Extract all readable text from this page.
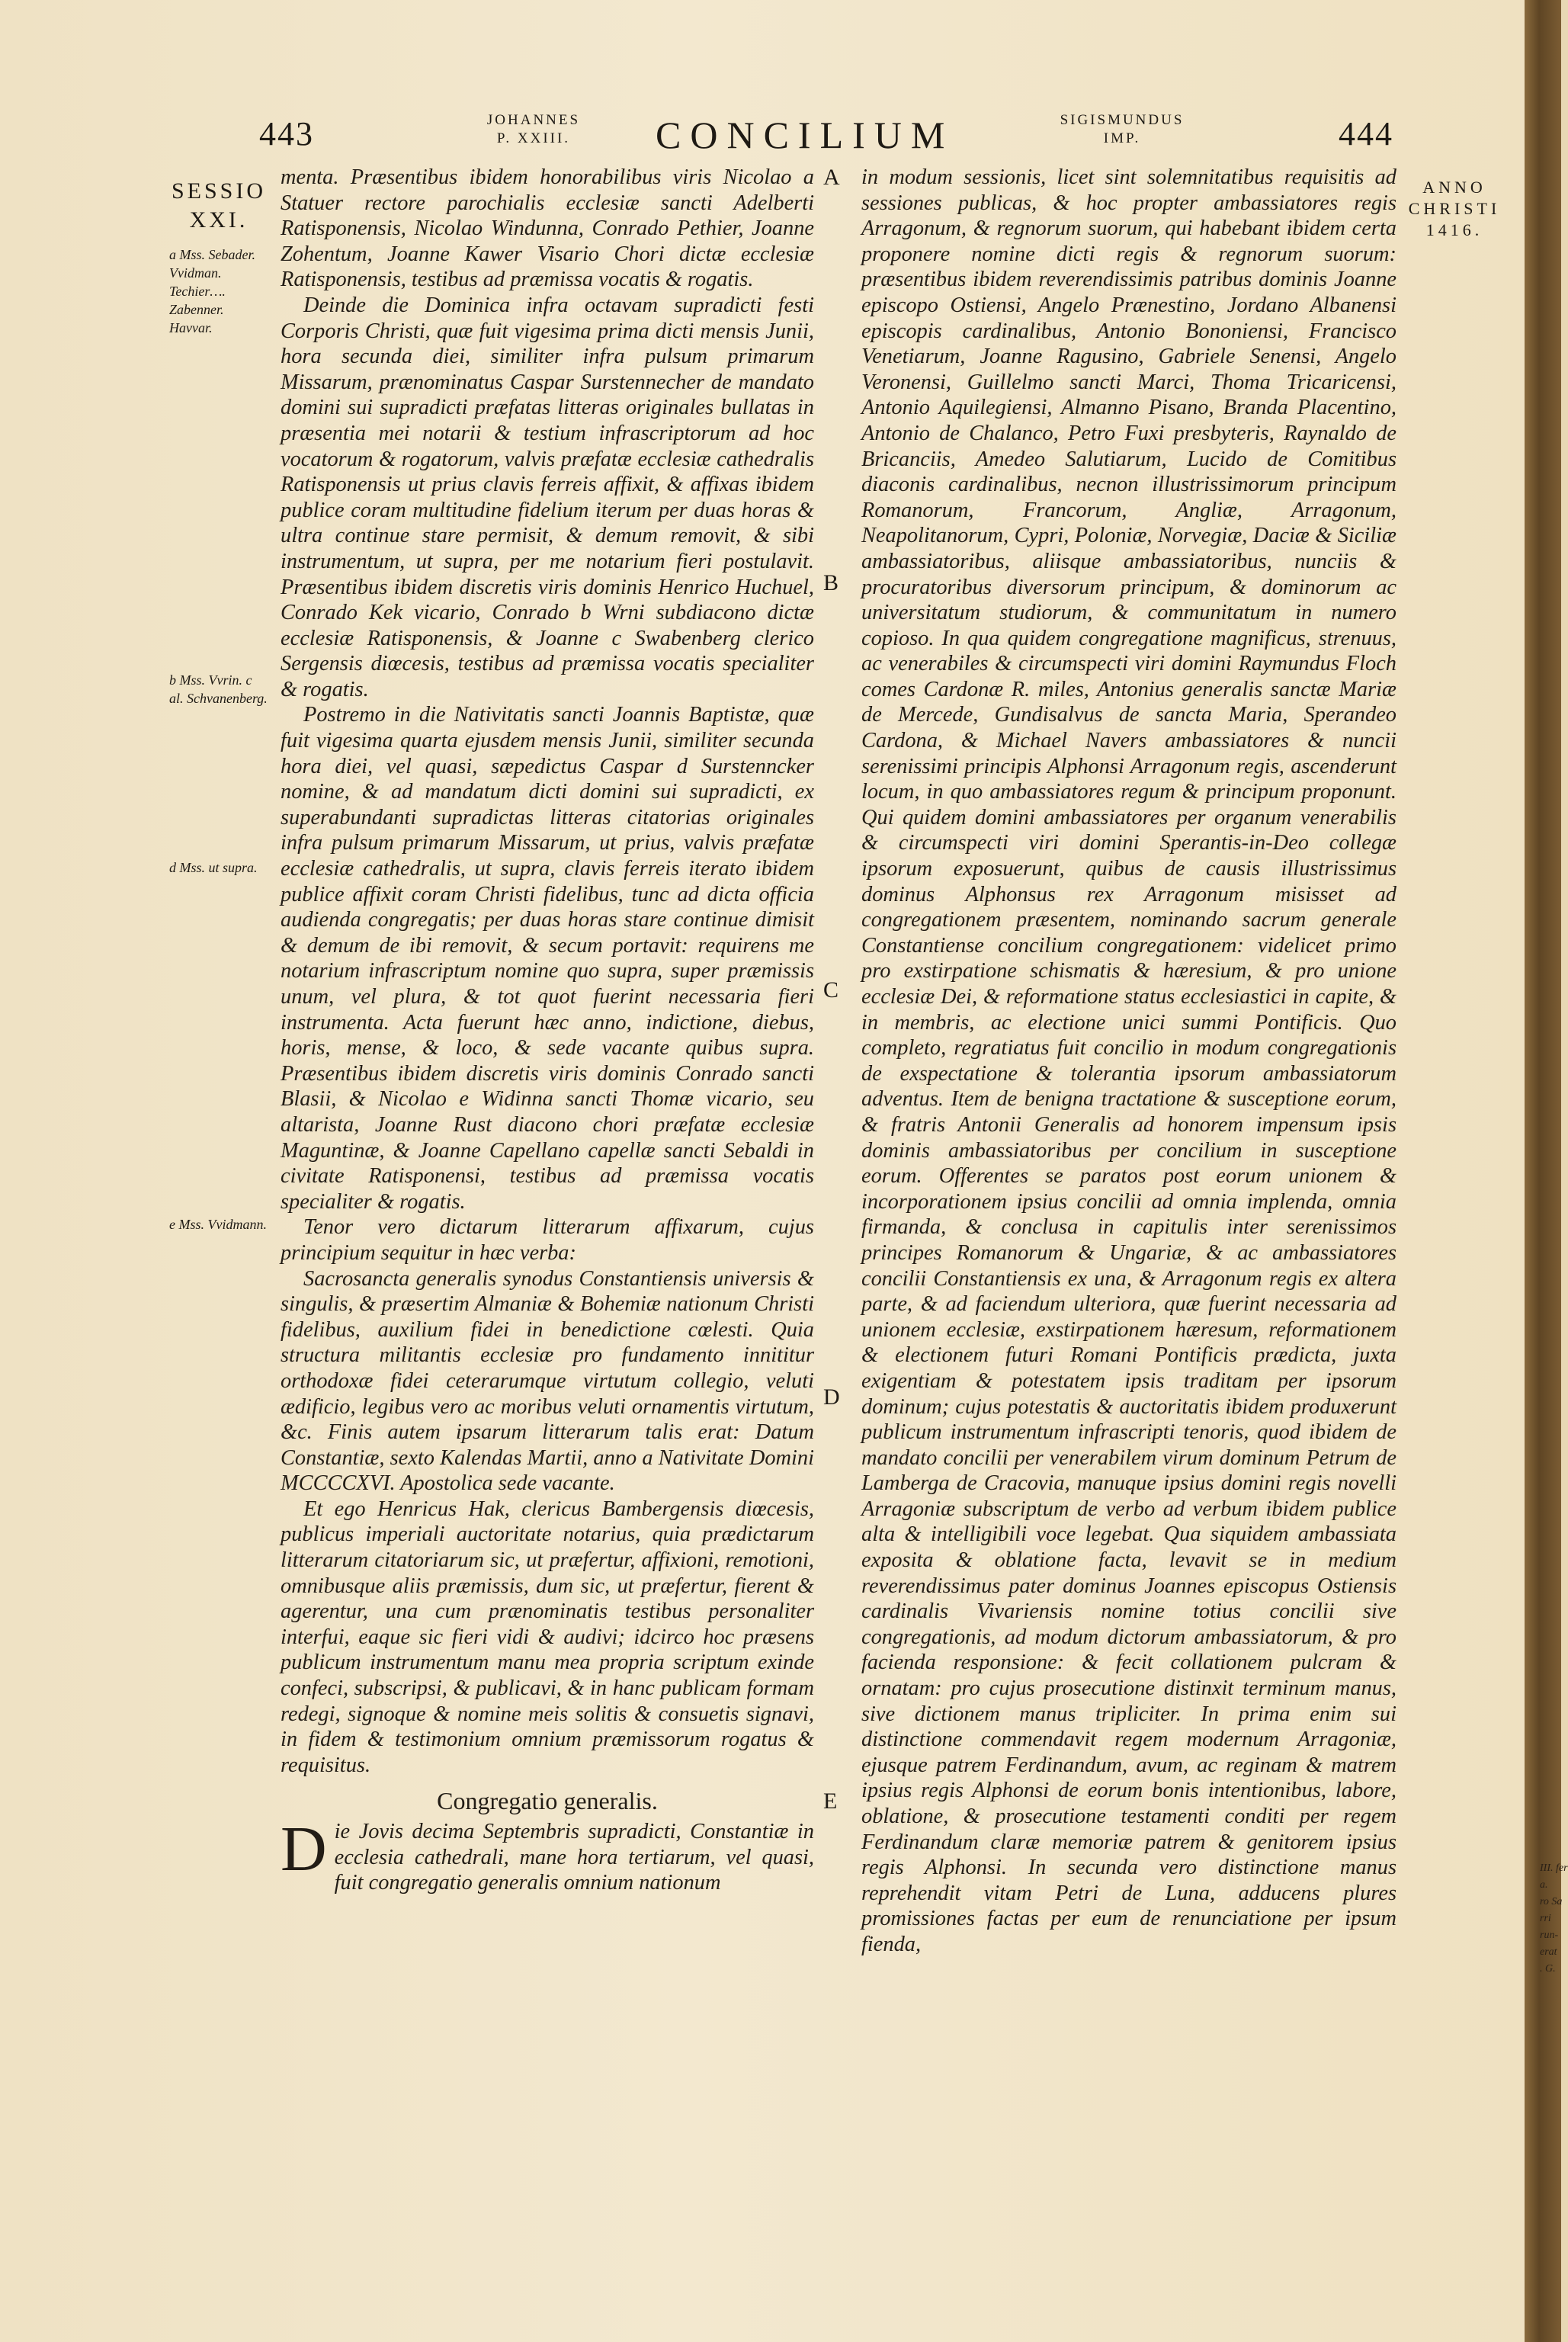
III. fer
a.
ro Sa
rri
run-
erat
. G.
443	JOHANNES
P. XXIII.	CONCILIUM	SIGISMUNDUS
IMP.	444
SESSIO
XXI.
a Mss. Sebader. Vvidman. Techier…. Zabenner. Havvar.
b Mss. Vvrin. c al. Schvanenberg.
d Mss. ut supra.
e Mss. Vvidmann.
ANNO
CHRISTI
1416.
A
B
C
D
E

menta. Præsentibus ibidem honorabilibus viris Nicolao a Statuer rectore parochialis ecclesiæ sancti Adelberti Ratisponensis, Nicolao Windunna, Conrado Pethier, Joanne Zohentum, Joanne Kawer Visario Chori dictæ ecclesiæ Ratisponensis, testibus ad præmissa vocatis & rogatis.

Deinde die Dominica infra octavam supradicti festi Corporis Christi, quæ fuit vigesima prima dicti mensis Junii, hora secunda diei, similiter infra pulsum primarum Missarum, prænominatus Caspar Surstennecher de mandato domini sui supradicti præfatas litteras originales bullatas in præsentia mei notarii & testium infrascriptorum ad hoc vocatorum & rogatorum, valvis præfatæ ecclesiæ cathedralis Ratisponensis ut prius clavis ferreis affixit, & affixas ibidem publice coram multitudine fidelium iterum per duas horas & ultra continue stare permisit, & demum removit, & sibi instrumentum, ut supra, per me notarium fieri postulavit. Præsentibus ibidem discretis viris dominis Henrico Huchuel, Conrado Kek vicario, Conrado b Wrni subdiacono dictæ ecclesiæ Ratisponensis, & Joanne c Swabenberg clerico Sergensis diœcesis, testibus ad præmissa vocatis specialiter & rogatis.

Postremo in die Nativitatis sancti Joannis Baptistæ, quæ fuit vigesima quarta ejusdem mensis Junii, similiter secunda hora diei, vel quasi, sæpedictus Caspar d Surstenncker nomine, & ad mandatum dicti domini sui supradicti, ex superabundanti supradictas litteras citatorias originales infra pulsum primarum Missarum, ut prius, valvis præfatæ ecclesiæ cathedralis, ut supra, clavis ferreis iterato ibidem publice affixit coram Christi fidelibus, tunc ad dicta officia audienda congregatis; per duas horas stare continue dimisit & demum de ibi removit, & secum portavit: requirens me notarium infrascriptum nomine quo supra, super præmissis unum, vel plura, & tot quot fuerint necessaria fieri instrumenta. Acta fuerunt hæc anno, indictione, diebus, horis, mense, & loco, & sede vacante quibus supra. Præsentibus ibidem discretis viris dominis Conrado sancti Blasii, & Nicolao e Widinna sancti Thomæ vicario, seu altarista, Joanne Rust diacono chori præfatæ ecclesiæ Maguntinæ, & Joanne Capellano capellæ sancti Sebaldi in civitate Ratisponensi, testibus ad præmissa vocatis specialiter & rogatis.

Tenor vero dictarum litterarum affixarum, cujus principium sequitur in hæc verba:

Sacrosancta generalis synodus Constantiensis universis & singulis, & præsertim Almaniæ & Bohemiæ nationum Christi fidelibus, auxilium fidei in benedictione cœlesti. Quia structura militantis ecclesiæ pro fundamento innititur orthodoxæ fidei ceterarumque virtutum collegio, veluti ædificio, legibus vero ac moribus veluti ornamentis virtutum, &c. Finis autem ipsarum litterarum talis erat: Datum Constantiæ, sexto Kalendas Martii, anno a Nativitate Domini MCCCCXVI. Apostolica sede vacante.

Et ego Henricus Hak, clericus Bambergensis diœcesis, publicus imperiali auctoritate notarius, quia prædictarum litterarum citatoriarum sic, ut præfertur, affixioni, remotioni, omnibusque aliis præmissis, dum sic, ut præfertur, fierent & agerentur, una cum prænominatis testibus personaliter interfui, eaque sic fieri vidi & audivi; idcirco hoc præsens publicum instrumentum manu mea propria scriptum exinde confeci, subscripsi, & publicavi, & in hanc publicam formam redegi, signoque & nomine meis solitis & consuetis signavi, in fidem & testimonium omnium præmissorum rogatus & requisitus.

Congregatio generalis.

Die Jovis decima Septembris supradicti, Constantiæ in ecclesia cathedrali, mane hora tertiarum, vel quasi, fuit congregatio generalis omnium nationum

in modum sessionis, licet sint solemnitatibus requisitis ad sessiones publicas, & hoc propter ambassiatores regis Arragonum, & regnorum suorum, qui habebant ibidem certa proponere nomine dicti regis & regnorum suorum: præsentibus ibidem reverendissimis patribus dominis Joanne episcopo Ostiensi, Angelo Prænestino, Jordano Albanensi episcopis cardinalibus, Antonio Bononiensi, Francisco Venetiarum, Joanne Ragusino, Gabriele Senensi, Angelo Veronensi, Guillelmo sancti Marci, Thoma Tricaricensi, Antonio Aquilegiensi, Almanno Pisano, Branda Placentino, Antonio de Chalanco, Petro Fuxi presbyteris, Raynaldo de Bricanciis, Amedeo Salutiarum, Lucido de Comitibus diaconis cardinalibus, necnon illustrissimorum principum Romanorum, Francorum, Angliæ, Arragonum, Neapolitanorum, Cypri, Poloniæ, Norvegiæ, Daciæ & Siciliæ ambassiatoribus, aliisque ambassiatoribus, nunciis & procuratoribus diversorum principum, & dominorum ac universitatum studiorum, & communitatum in numero copioso. In qua quidem congregatione magnificus, strenuus, ac venerabiles & circumspecti viri domini Raymundus Floch comes Cardonæ R. miles, Antonius generalis sanctæ Mariæ de Mercede, Gundisalvus de sancta Maria, Sperandeo Cardona, & Michael Navers ambassiatores & nuncii serenissimi principis Alphonsi Arragonum regis, ascenderunt locum, in quo ambassiatores regum & principum proponunt. Qui quidem domini ambassiatores per organum venerabilis & circumspecti viri domini Sperantis-in-Deo collegæ ipsorum exposuerunt, quibus de causis illustrissimus dominus Alphonsus rex Arragonum misisset ad congregationem præsentem, nominando sacrum generale Constantiense concilium congregationem: videlicet primo pro exstirpatione schismatis & hæresium, & pro unione ecclesiæ Dei, & reformatione status ecclesiastici in capite, & in membris, ac electione unici summi Pontificis. Quo completo, regratiatus fuit concilio in modum congregationis de exspectatione & tolerantia ipsorum ambassiatorum adventus. Item de benigna tractatione & susceptione eorum, & fratris Antonii Generalis ad honorem impensum ipsis dominis ambassiatoribus per concilium in susceptione eorum. Offerentes se paratos post eorum unionem & incorporationem ipsius concilii ad omnia implenda, omnia firmanda, & conclusa in capitulis inter serenissimos principes Romanorum & Ungariæ, & ac ambassiatores concilii Constantiensis ex una, & Arragonum regis ex altera parte, & ad faciendum ulteriora, quæ fuerint necessaria ad unionem ecclesiæ, exstirpationem hæresum, reformationem & electionem futuri Romani Pontificis prædicta, juxta exigentiam & potestatem ipsis traditam per ipsorum dominum; cujus potestatis & auctoritatis ibidem produxerunt publicum instrumentum infrascripti tenoris, quod ibidem de mandato concilii per venerabilem virum dominum Petrum de Lamberga de Cracovia, manuque ipsius domini regis novelli Arragoniæ subscriptum de verbo ad verbum ibidem publice alta & intelligibili voce legebat. Qua siquidem ambassiata exposita & oblatione facta, levavit se in medium reverendissimus pater dominus Joannes episcopus Ostiensis cardinalis Vivariensis nomine totius concilii sive congregationis, ad modum dictorum ambassiatorum, & pro facienda responsione: & fecit collationem pulcram & ornatam: pro cujus prosecutione distinxit terminum manus, sive dictionem manus tripliciter. In prima enim sui distinctione commendavit regem modernum Arragoniæ, ejusque patrem Ferdinandum, avum, ac reginam & matrem ipsius regis Alphonsi de eorum bonis intentionibus, labore, oblatione, & prosecutione testamenti conditi per regem Ferdinandum claræ memoriæ patrem & genitorem ipsius regis Alphonsi. In secunda vero distinctione manus reprehendit vitam Petri de Luna, adducens plures promissiones factas per eum de renunciatione per ipsum fienda,
